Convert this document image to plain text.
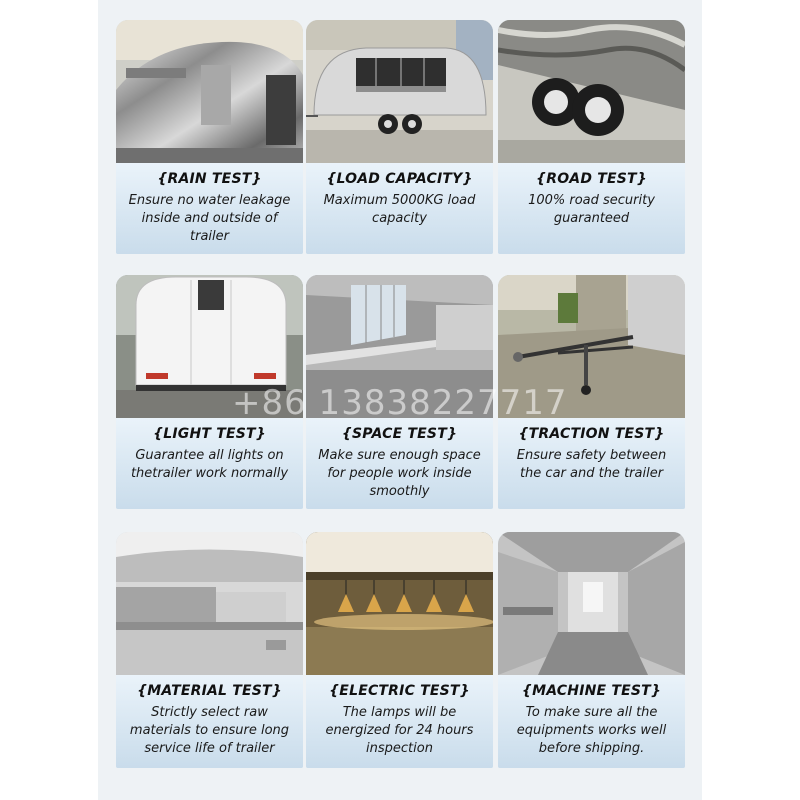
{RAIN TEST}
Ensure no water leakage inside and outside of trailer
{LOAD CAPACITY}
Maximum 5000KG load capacity
{ROAD TEST}
100% road security guaranteed
{LIGHT TEST}
Guarantee all lights on thetrailer work normally
{SPACE TEST}
Make sure enough space for people work inside smoothly
{TRACTION TEST}
Ensure safety between the car and the trailer
{MATERIAL TEST}
Strictly select raw materials to ensure long service life of trailer
{ELECTRIC TEST}
The lamps will be energized for 24 hours inspection
{MACHINE TEST}
To make sure all the equipments works well before shipping.
+86 13838227717
